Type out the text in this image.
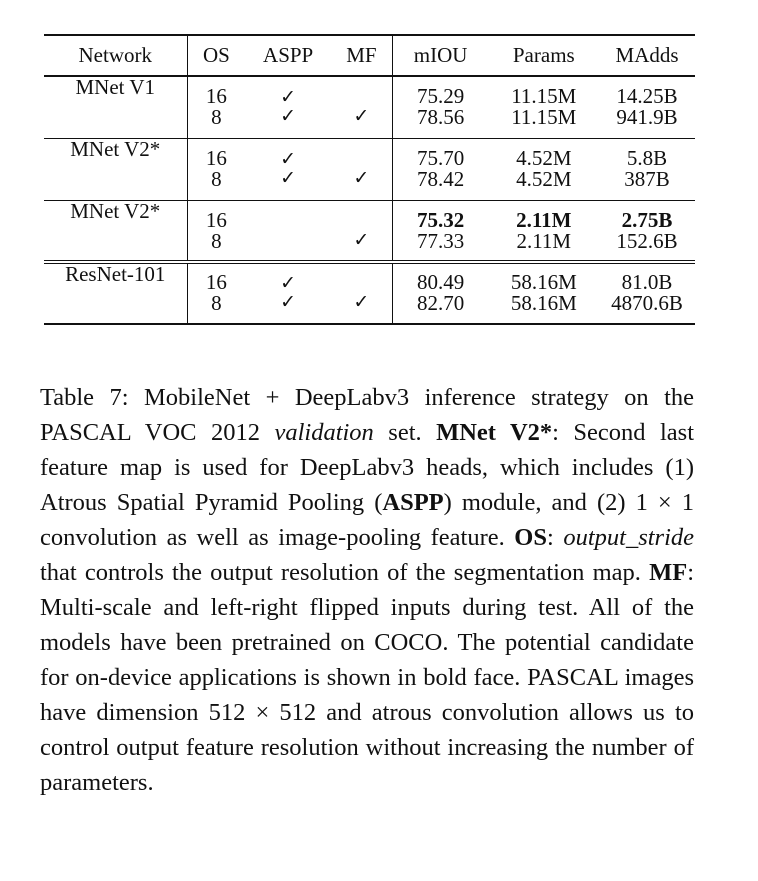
Network	OS	ASPP	MF	mIOU	Params	MAdds
MNet V1	16	✓		75.29	11.15M	14.25B
	8	✓	✓	78.56	11.15M	941.9B
MNet V2*	16	✓		75.70	4.52M	5.8B
	8	✓	✓	78.42	4.52M	387B
MNet V2*	16			75.32	2.11M	2.75B
	8		✓	77.33	2.11M	152.6B
ResNet-101	16	✓		80.49	58.16M	81.0B
	8	✓	✓	82.70	58.16M	4870.6B

Table 7: MobileNet + DeepLabv3 inference strategy on the PASCAL VOC 2012 validation set. MNet V2*: Second last feature map is used for DeepLabv3 heads, which includes (1) Atrous Spatial Pyramid Pooling (ASPP) module, and (2) 1 × 1 convolution as well as image-pooling feature. OS: output_stride that controls the output resolution of the segmentation map. MF: Multi-scale and left-right flipped inputs during test. All of the models have been pretrained on COCO. The potential candidate for on-device applications is shown in bold face. PASCAL images have dimension 512 × 512 and atrous convolution allows us to control output feature resolution without increasing the number of parameters.
